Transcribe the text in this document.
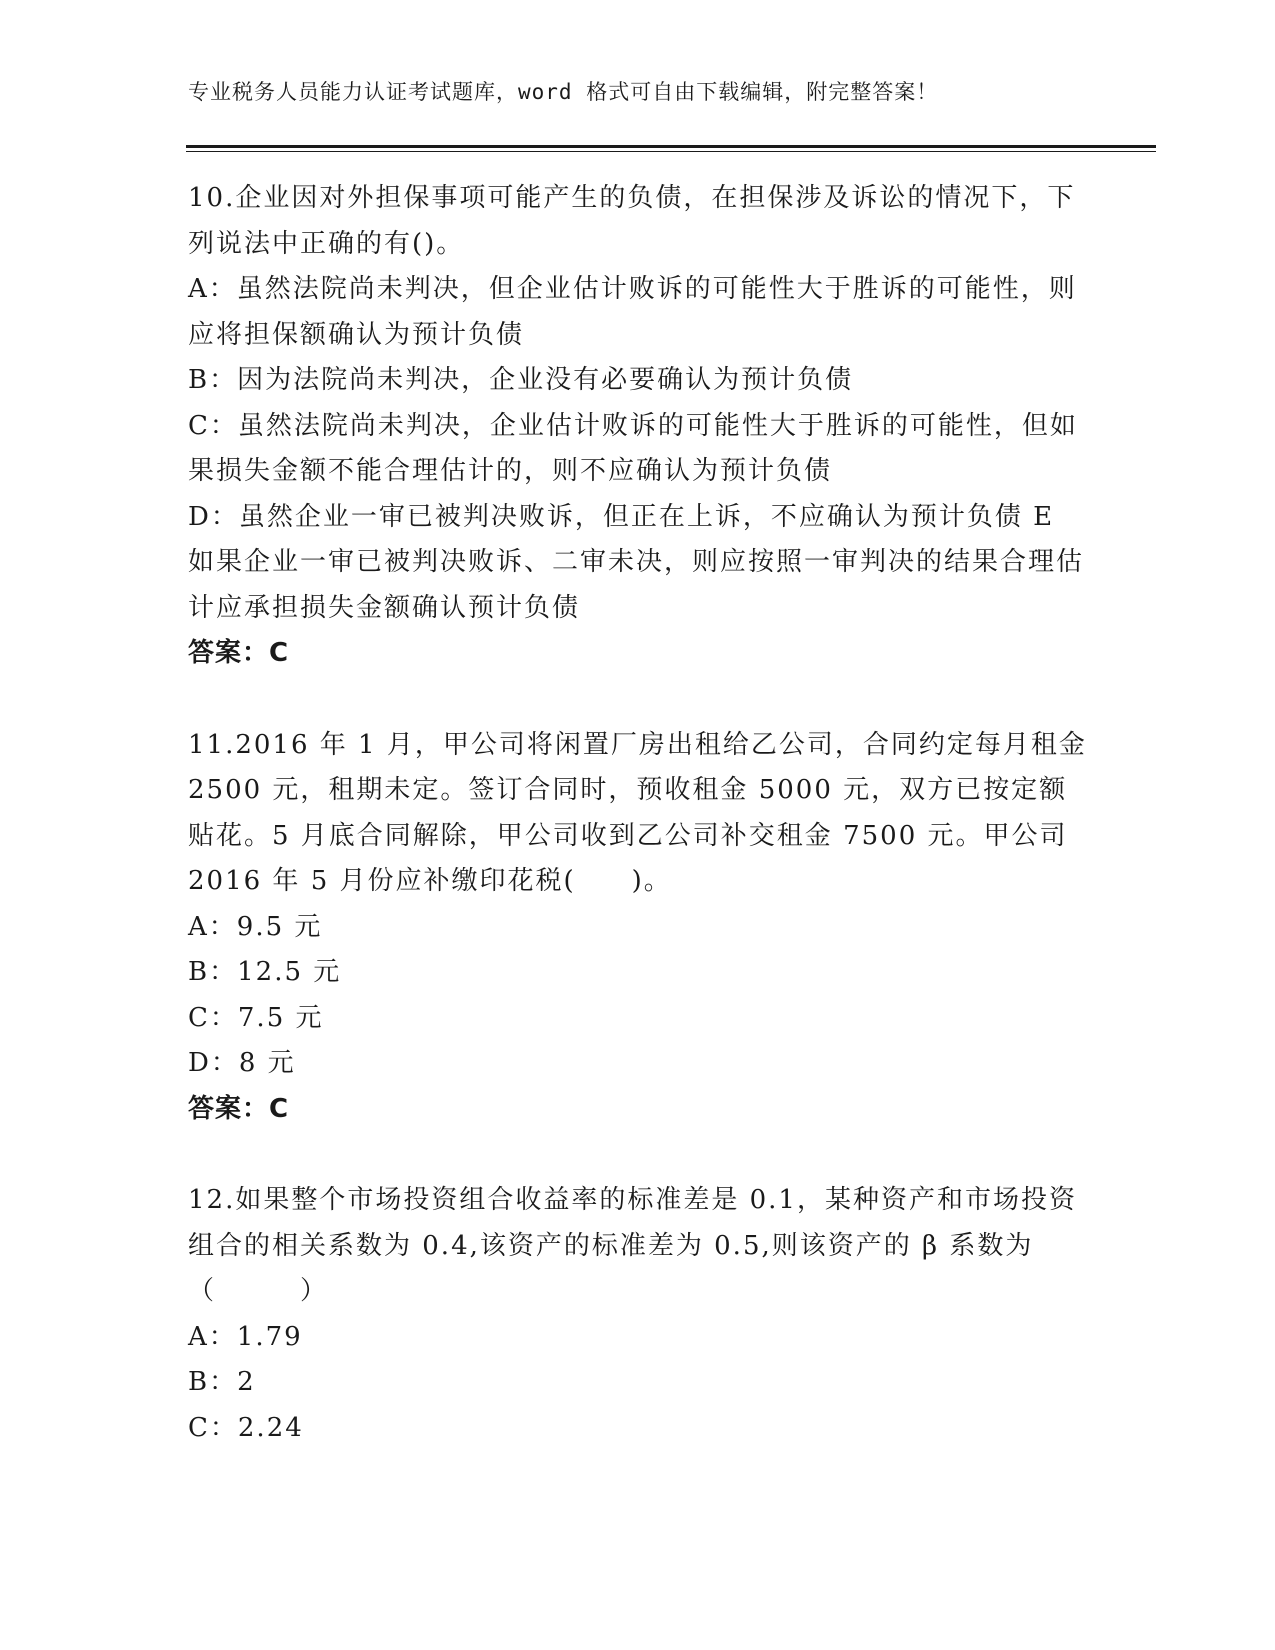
专业税务人员能力认证考试题库，word 格式可自由下载编辑，附完整答案！

10.企业因对外担保事项可能产生的负债，在担保涉及诉讼的情况下，下列说法中正确的有()。

A：虽然法院尚未判决，但企业估计败诉的可能性大于胜诉的可能性，则应将担保额确认为预计负债

B：因为法院尚未判决，企业没有必要确认为预计负债

C：虽然法院尚未判决，企业估计败诉的可能性大于胜诉的可能性，但如果损失金额不能合理估计的，则不应确认为预计负债

D：虽然企业一审已被判决败诉，但正在上诉，不应确认为预计负债 E 如果企业一审已被判决败诉、二审未决，则应按照一审判决的结果合理估计应承担损失金额确认预计负债

答案：C

11.2016 年 1 月，甲公司将闲置厂房出租给乙公司，合同约定每月租金 2500 元，租期未定。签订合同时，预收租金 5000 元，双方已按定额贴花。5 月底合同解除，甲公司收到乙公司补交租金 7500 元。甲公司 2016 年 5 月份应补缴印花税(　　)。

A：9.5 元

B：12.5 元

C：7.5 元

D：8 元

答案：C

12.如果整个市场投资组合收益率的标准差是 0.1，某种资产和市场投资组合的相关系数为 0.4,该资产的标准差为 0.5,则该资产的 β 系数为（　　　）

A：1.79

B：2

C：2.24
